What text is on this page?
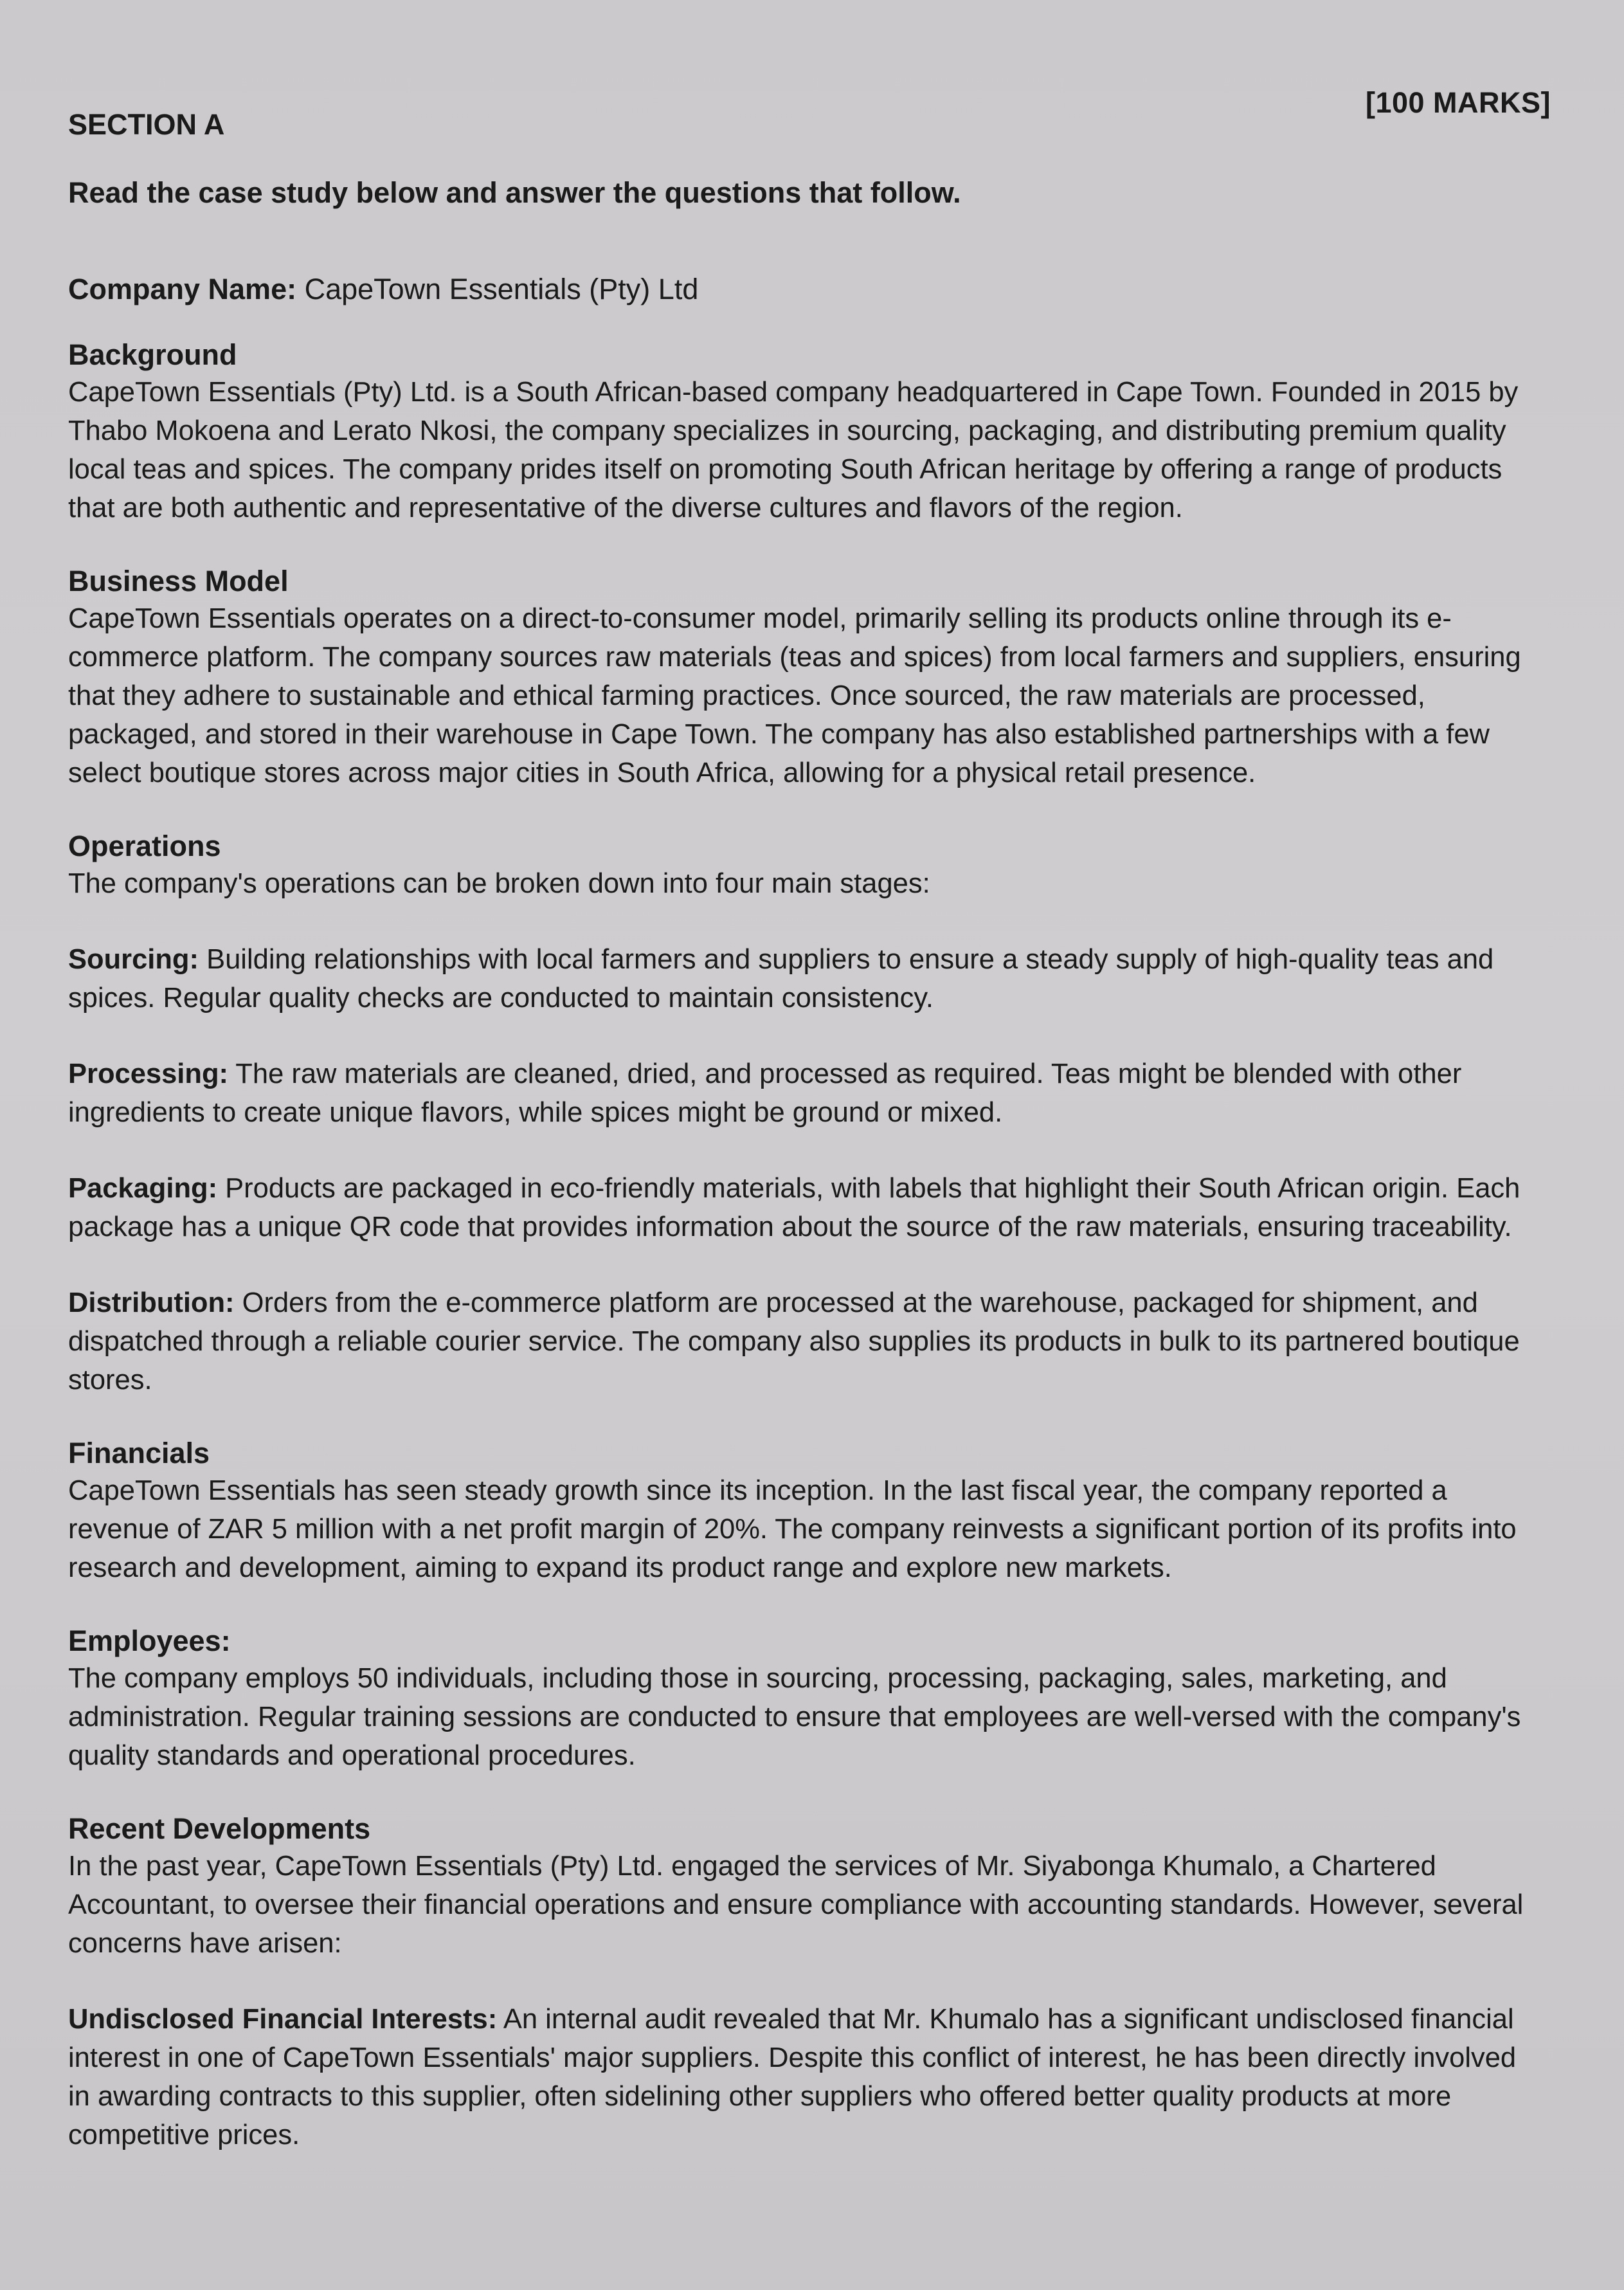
[100 MARKS]
SECTION A
Read the case study below and answer the questions that follow.
Company Name: CapeTown Essentials (Pty) Ltd
Background

CapeTown Essentials (Pty) Ltd. is a South African-based company headquartered in Cape Town. Founded in 2015 by Thabo Mokoena and Lerato Nkosi, the company specializes in sourcing, packaging, and distributing premium quality local teas and spices. The company prides itself on promoting South African heritage by offering a range of products that are both authentic and representative of the diverse cultures and flavors of the region.

Business Model

CapeTown Essentials operates on a direct-to-consumer model, primarily selling its products online through its e-commerce platform. The company sources raw materials (teas and spices) from local farmers and suppliers, ensuring that they adhere to sustainable and ethical farming practices. Once sourced, the raw materials are processed, packaged, and stored in their warehouse in Cape Town. The company has also established partnerships with a few select boutique stores across major cities in South Africa, allowing for a physical retail presence.

Operations

The company's operations can be broken down into four main stages:

Sourcing: Building relationships with local farmers and suppliers to ensure a steady supply of high-quality teas and spices. Regular quality checks are conducted to maintain consistency.

Processing: The raw materials are cleaned, dried, and processed as required. Teas might be blended with other ingredients to create unique flavors, while spices might be ground or mixed.

Packaging: Products are packaged in eco-friendly materials, with labels that highlight their South African origin. Each package has a unique QR code that provides information about the source of the raw materials, ensuring traceability.

Distribution: Orders from the e-commerce platform are processed at the warehouse, packaged for shipment, and dispatched through a reliable courier service. The company also supplies its products in bulk to its partnered boutique stores.

Financials

CapeTown Essentials has seen steady growth since its inception. In the last fiscal year, the company reported a revenue of ZAR 5 million with a net profit margin of 20%. The company reinvests a significant portion of its profits into research and development, aiming to expand its product range and explore new markets.

Employees:

The company employs 50 individuals, including those in sourcing, processing, packaging, sales, marketing, and administration. Regular training sessions are conducted to ensure that employees are well-versed with the company's quality standards and operational procedures.

Recent Developments

In the past year, CapeTown Essentials (Pty) Ltd. engaged the services of Mr. Siyabonga Khumalo, a Chartered Accountant, to oversee their financial operations and ensure compliance with accounting standards. However, several concerns have arisen:

Undisclosed Financial Interests: An internal audit revealed that Mr. Khumalo has a significant undisclosed financial interest in one of CapeTown Essentials' major suppliers. Despite this conflict of interest, he has been directly involved in awarding contracts to this supplier, often sidelining other suppliers who offered better quality products at more competitive prices.
